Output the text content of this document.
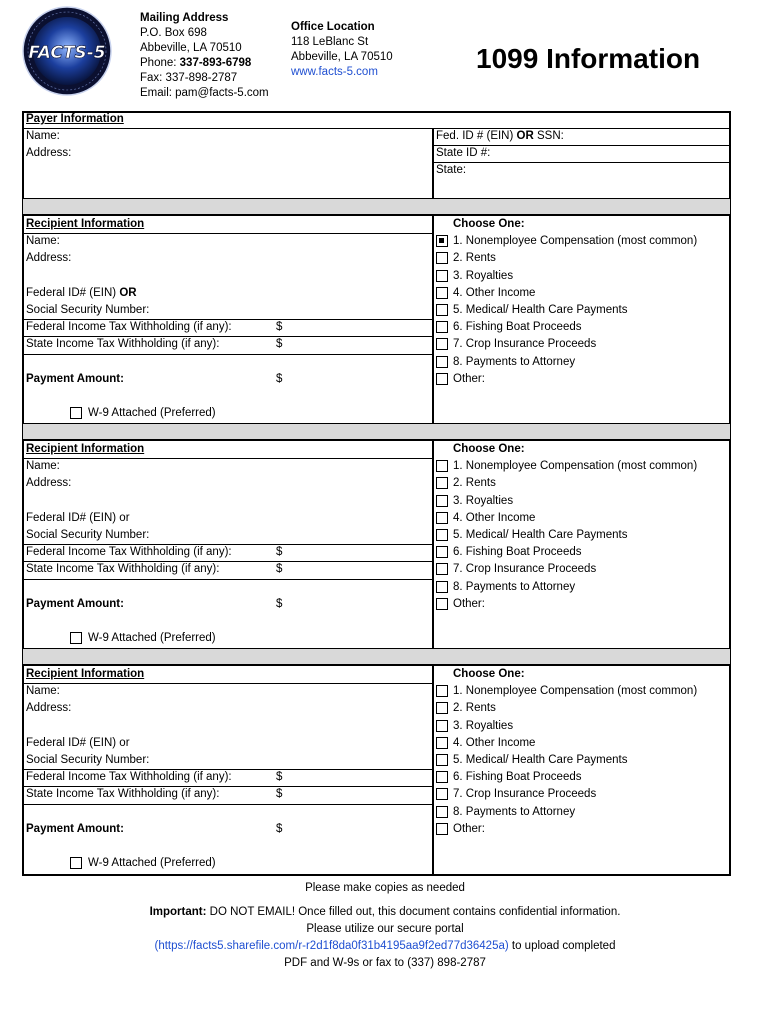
FACTS-5
Mailing Address
P.O. Box 698
Abbeville, LA 70510
Phone: 337-893-6798
Fax: 337-898-2787
Email: pam@facts-5.com
Office Location
118 LeBlanc St
Abbeville, LA 70510
www.facts-5.com	1099 Information
Payer Information
Name:
Address:
Fed. ID # (EIN) OR SSN:
State ID #:
State:
Recipient Information
Name:
Address:
Federal ID# (EIN) OR
Social Security Number:
Federal Income Tax Withholding (if any):	$
State Income Tax Withholding (if any):	$
Payment Amount:	$
W-9 Attached (Preferred)
Choose One:
1. Nonemployee Compensation (most common)
2. Rents
3. Royalties
4. Other Income
5. Medical/ Health Care Payments
6. Fishing Boat Proceeds
7. Crop Insurance Proceeds
8. Payments to Attorney
Other:
Recipient Information
Name:
Address:
Federal ID# (EIN) or
Social Security Number:
Federal Income Tax Withholding (if any):	$
State Income Tax Withholding (if any):	$
Payment Amount:	$
W-9 Attached (Preferred)
Choose One:
1. Nonemployee Compensation (most common)
2. Rents
3. Royalties
4. Other Income
5. Medical/ Health Care Payments
6. Fishing Boat Proceeds
7. Crop Insurance Proceeds
8. Payments to Attorney
Other:
Recipient Information
Name:
Address:
Federal ID# (EIN) or
Social Security Number:
Federal Income Tax Withholding (if any):	$
State Income Tax Withholding (if any):	$
Payment Amount:	$
W-9 Attached (Preferred)
Choose One:
1. Nonemployee Compensation (most common)
2. Rents
3. Royalties
4. Other Income
5. Medical/ Health Care Payments
6. Fishing Boat Proceeds
7. Crop Insurance Proceeds
8. Payments to Attorney
Other:
Please make copies as needed
Important: DO NOT EMAIL! Once filled out, this document contains confidential information.
Please utilize our secure portal
(https://facts5.sharefile.com/r-r2d1f8da0f31b4195aa9f2ed77d36425a) to upload completed
PDF and W-9s or fax to (337) 898-2787
